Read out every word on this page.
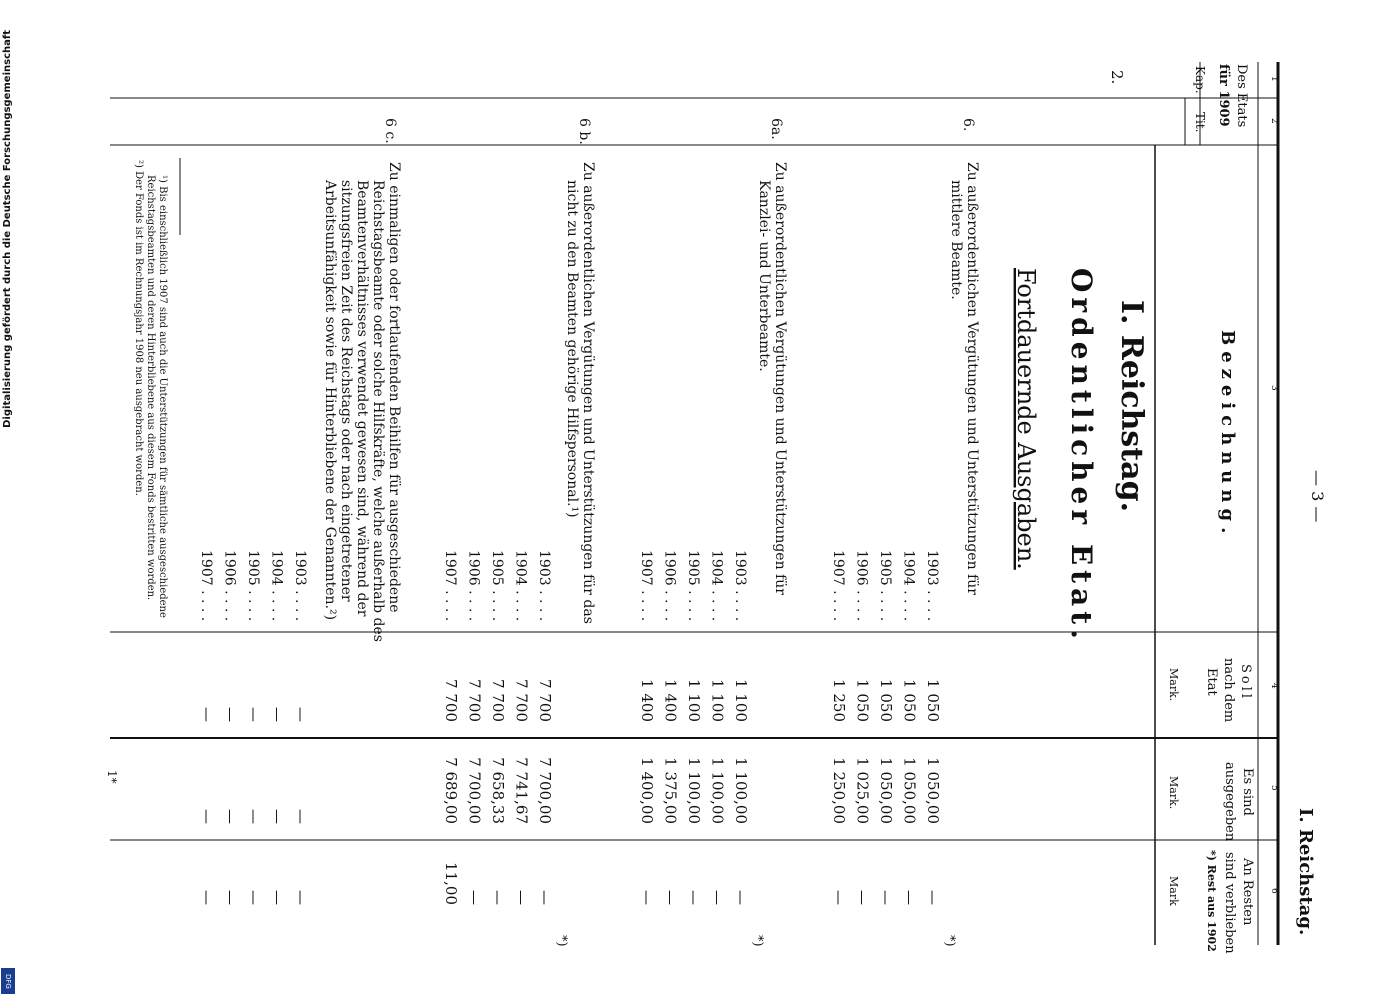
Digitalisierung gefördert durch die Deutsche Forschungsgemeinschaft
DFG
— 3 —
I. Reichstag.
1
2
3
4
5
6
Des Etats
für 1909
Kap.
Tit.
Bezeichnung.
Soll
nach dem
Etat
Mark.
Es sind
ausgegeben
Mark.
An Resten
sind verblieben
*) Rest aus 1902
Mark
2.
I. Reichstag.
Ordentlicher Etat.
Fortdauernde Ausgaben.
6.
Zu außerordentlichen Vergütungen und Unterstützungen für
mittlere Beamte.
1903 . . . .
1 050
1 050,00
—
1904 . . . .
1 050
1 050,00
—
1905 . . . .
1 050
1 050,00
—
1906 . . . .
1 050
1 025,00
—
1907 . . . .
1 250
1 250,00
—
*)
6a.
Zu außerordentlichen Vergütungen und Unterstützungen für
Kanzlei- und Unterbeamte.
1903 . . . .
1 100
1 100,00
—
1904 . . . .
1 100
1 100,00
—
1905 . . . .
1 100
1 100,00
—
1906 . . . .
1 400
1 375,00
—
1907 . . . .
1 400
1 400,00
—
*)
6 b.
Zu außerordentlichen Vergütungen und Unterstützungen für das
nicht zu den Beamten gehörige Hilfspersonal.¹)
1903 . . . .
7 700
7 700,00
—
1904 . . . .
7 700
7 741,67
—
1905 . . . .
7 700
7 658,33
—
1906 . . . .
7 700
7 700,00
—
1907 . . . .
7 700
7 689,00
11,00
*)
6 c.
Zu einmaligen oder fortlaufenden Beihilfen für ausgeschiedene
Reichstagsbeamte oder solche Hilfskräfte, welche außerhalb des
Beamtenverhältnisses verwendet gewesen sind, während der
sitzungsfreien Zeit des Reichstags oder nach eingetretener
Arbeitsunfähigkeit sowie für Hinterbliebene der Genannten.²)
1903 . . . .
—
—
—
1904 . . . .
—
—
—
1905 . . . .
—
—
—
1906 . . . .
—
—
—
1907 . . . .
—
—
—
¹) Bis einschließlich 1907 sind auch die Unterstützungen für sämtliche ausgeschiedene
Reichstagsbeamten und deren Hinterbliebene aus diesem Fonds bestritten worden.
²) Der Fonds ist im Rechnungsjahr 1908 neu ausgebracht worden.
1*
